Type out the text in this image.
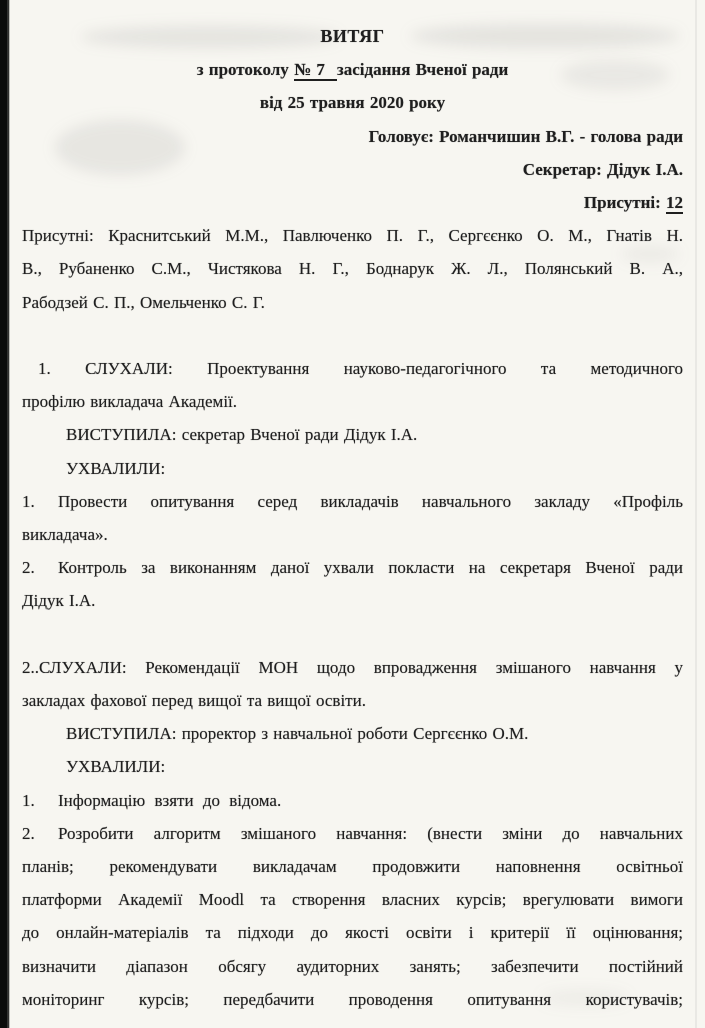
ВИТЯГ
з протоколу № 7 засідання Вченої ради
від 25 травня 2020 року
Головує: Романчишин В.Г. - голова ради
Секретар: Дідук І.А.
Присутні: 12
Присутні: Краснитський М.М., Павлюченко П. Г., Сергєєнко О. М., Гнатів Н.
В., Рубаненко С.М., Чистякова Н. Г., Боднарук Ж. Л., Полянський В. А.,
Рабодзей С. П., Омельченко С. Г.
1. СЛУХАЛИ: Проектування науково-педагогічного та методичного
профілю викладача Академії.
ВИСТУПИЛА: секретар Вченої ради Дідук І.А.
УХВАЛИЛИ:
1. Провести опитування серед викладачів навчального закладу «Профіль
викладача».
2. Контроль за виконанням даної ухвали покласти на секретаря Вченої ради
Дідук І.А.
2..СЛУХАЛИ: Рекомендації МОН щодо впровадження змішаного навчання у
закладах фахової перед вищої та вищої освіти.
ВИСТУПИЛА: проректор з навчальної роботи Сергєєнко О.М.
УХВАЛИЛИ:
1. Інформацію взяти до відома.
2. Розробити алгоритм змішаного навчання: (внести зміни до навчальних
планів; рекомендувати викладачам продовжити наповнення освітньої
платформи Академії Moodl та створення власних курсів; врегулювати вимоги
до онлайн-матеріалів та підходи до якості освіти і критерії її оцінювання;
визначити діапазон обсягу аудиторних занять; забезпечити постійний
моніторинг курсів; передбачити проводення опитування користувачів;
